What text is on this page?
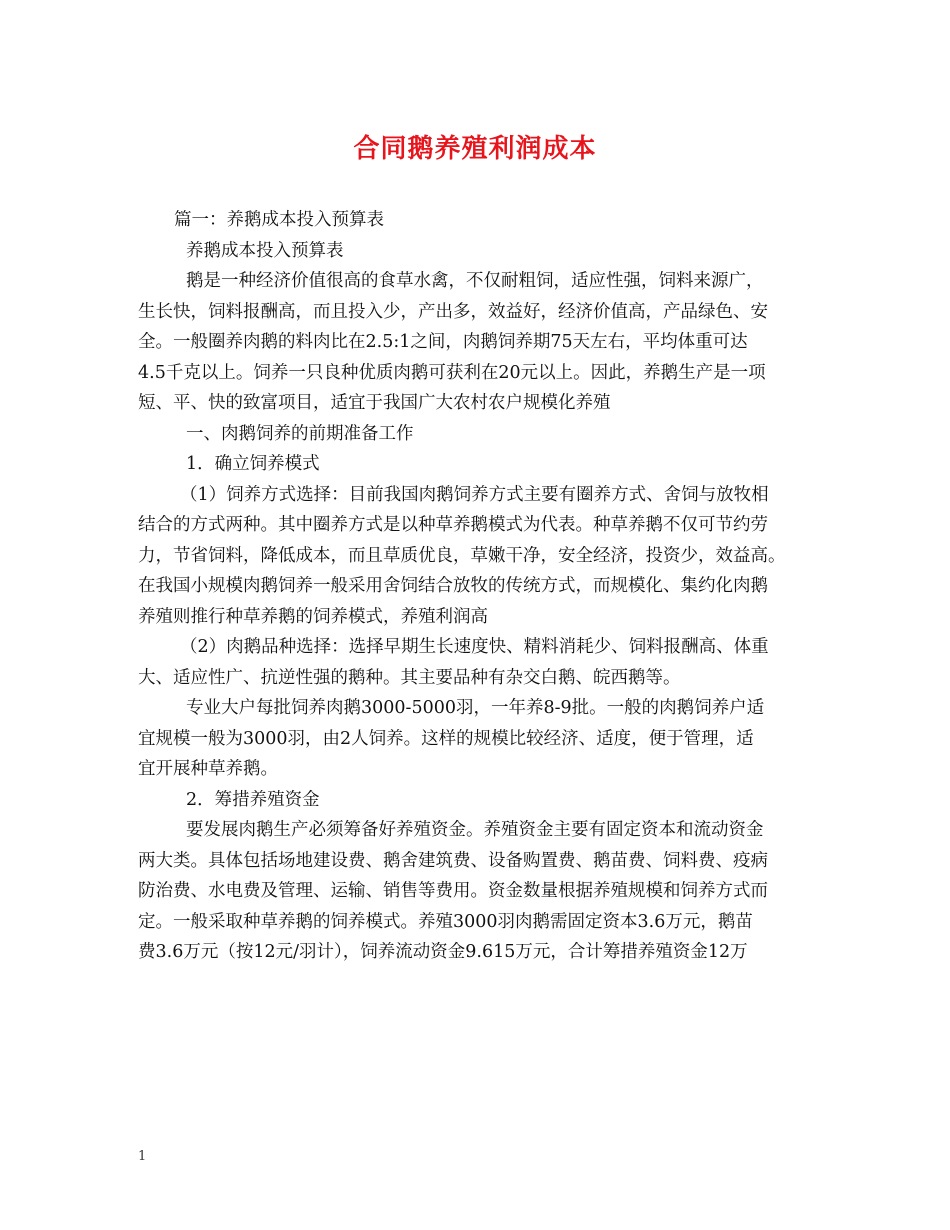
合同鹅养殖利润成本
篇一：养鹅成本投入预算表
养鹅成本投入预算表
鹅是一种经济价值很高的食草水禽，不仅耐粗饲，适应性强，饲料来源广，
生长快，饲料报酬高，而且投入少，产出多，效益好，经济价值高，产品绿色、安
全。一般圈养肉鹅的料肉比在2.5:1之间，肉鹅饲养期75天左右，平均体重可达
4.5千克以上。饲养一只良种优质肉鹅可获利在20元以上。因此，养鹅生产是一项
短、平、快的致富项目，适宜于我国广大农村农户规模化养殖
一、肉鹅饲养的前期准备工作
1．确立饲养模式
（1）饲养方式选择：目前我国肉鹅饲养方式主要有圈养方式、舍饲与放牧相
结合的方式两种。其中圈养方式是以种草养鹅模式为代表。种草养鹅不仅可节约劳
力，节省饲料，降低成本，而且草质优良，草嫩干净，安全经济，投资少，效益高。
在我国小规模肉鹅饲养一般采用舍饲结合放牧的传统方式，而规模化、集约化肉鹅
养殖则推行种草养鹅的饲养模式，养殖利润高
（2）肉鹅品种选择：选择早期生长速度快、精料消耗少、饲料报酬高、体重
大、适应性广、抗逆性强的鹅种。其主要品种有杂交白鹅、皖西鹅等。
专业大户每批饲养肉鹅3000-5000羽，一年养8-9批。一般的肉鹅饲养户适
宜规模一般为3000羽，由2人饲养。这样的规模比较经济、适度，便于管理，适
宜开展种草养鹅。
2．筹措养殖资金
要发展肉鹅生产必须筹备好养殖资金。养殖资金主要有固定资本和流动资金
两大类。具体包括场地建设费、鹅舍建筑费、设备购置费、鹅苗费、饲料费、疫病
防治费、水电费及管理、运输、销售等费用。资金数量根据养殖规模和饲养方式而
定。一般采取种草养鹅的饲养模式。养殖3000羽肉鹅需固定资本3.6万元，鹅苗
费3.6万元（按12元/羽计），饲养流动资金9.615万元，合计筹措养殖资金12万
1
